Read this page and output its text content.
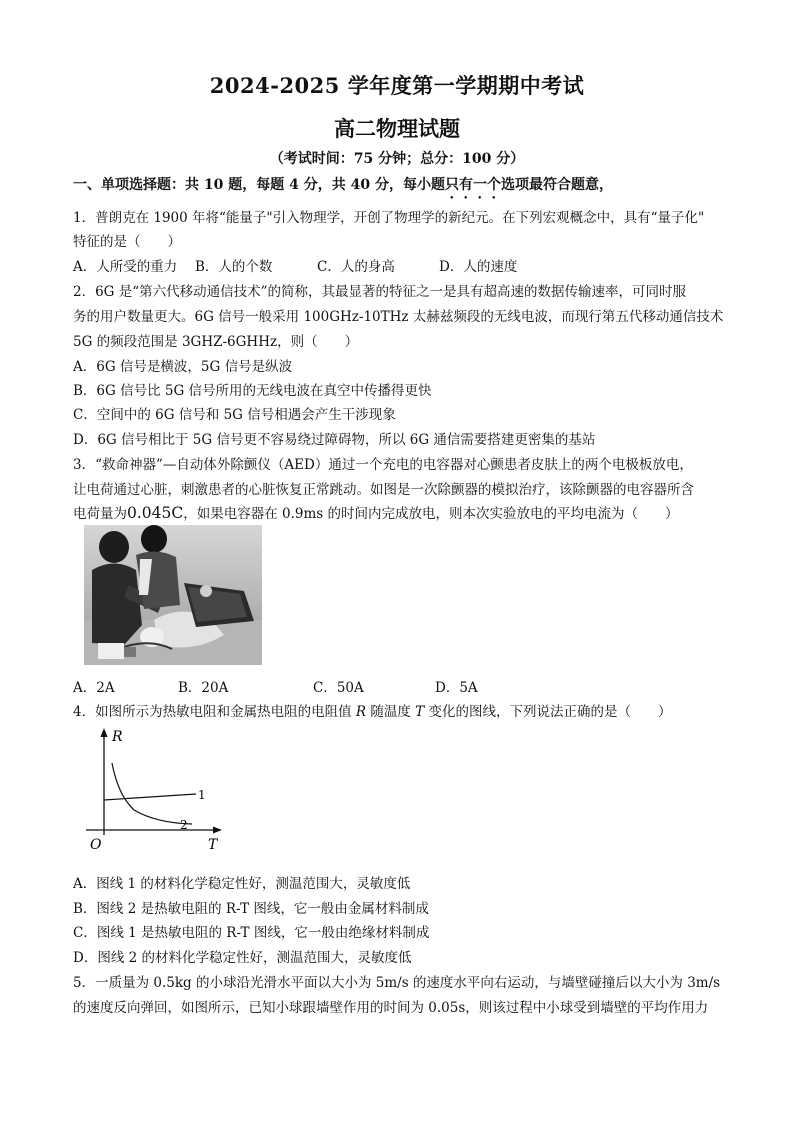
2024-2025 学年度第一学期期中考试
高二物理试题
（考试时间：75 分钟；总分：100 分）
一、单项选择题：共 10 题，每题 4 分，共 40 分，每小题只有一个选项最符合题意，
1．普朗克在 1900 年将“能量子"引入物理学，开创了物理学的新纪元。在下列宏观概念中，具有“量子化"
特征的是（　　）
A．人所受的重力 B．人的个数	C．人的身高	D．人的速度
2．6G 是“第六代移动通信技术”的简称，其最显著的特征之一是具有超高速的数据传输速率，可同时服
务的用户数量更大。6G 信号一般采用 100GHz-10THz 太赫兹频段的无线电波，而现行第五代移动通信技术
5G 的频段范围是 3GHZ-6GHHz，则（　　）
A．6G 信号是横波，5G 信号是纵波
B．6G 信号比 5G 信号所用的无线电波在真空中传播得更快
C．空间中的 6G 信号和 5G 信号相遇会产生干涉现象
D．6G 信号相比于 5G 信号更不容易绕过障碍物，所以 6G 通信需要搭建更密集的基站
3．“救命神器”—自动体外除颤仪（AED）通过一个充电的电容器对心颤患者皮肤上的两个电极板放电，
让电荷通过心脏，刺激患者的心脏恢复正常跳动。如图是一次除颤器的模拟治疗，该除颤器的电容器所含
电荷量为0.045C，如果电容器在 0.9ms 的时间内完成放电，则本次实验放电的平均电流为（　　）
A．2A	B．20A	C．50A	D．5A
4．如图所示为热敏电阻和金属热电阻的电阻值 R 随温度 T 变化的图线，下列说法正确的是（　　）
R
1
2
O	T
A．图线 1 的材料化学稳定性好，测温范围大，灵敏度低
B．图线 2 是热敏电阻的 R-T 图线，它一般由金属材料制成
C．图线 1 是热敏电阻的 R-T 图线，它一般由绝缘材料制成
D．图线 2 的材料化学稳定性好，测温范围大，灵敏度低
5．一质量为 0.5kg 的小球沿光滑水平面以大小为 5m/s 的速度水平向右运动，与墙壁碰撞后以大小为 3m/s
的速度反向弹回，如图所示，已知小球跟墙壁作用的时间为 0.05s，则该过程中小球受到墙壁的平均作用力
